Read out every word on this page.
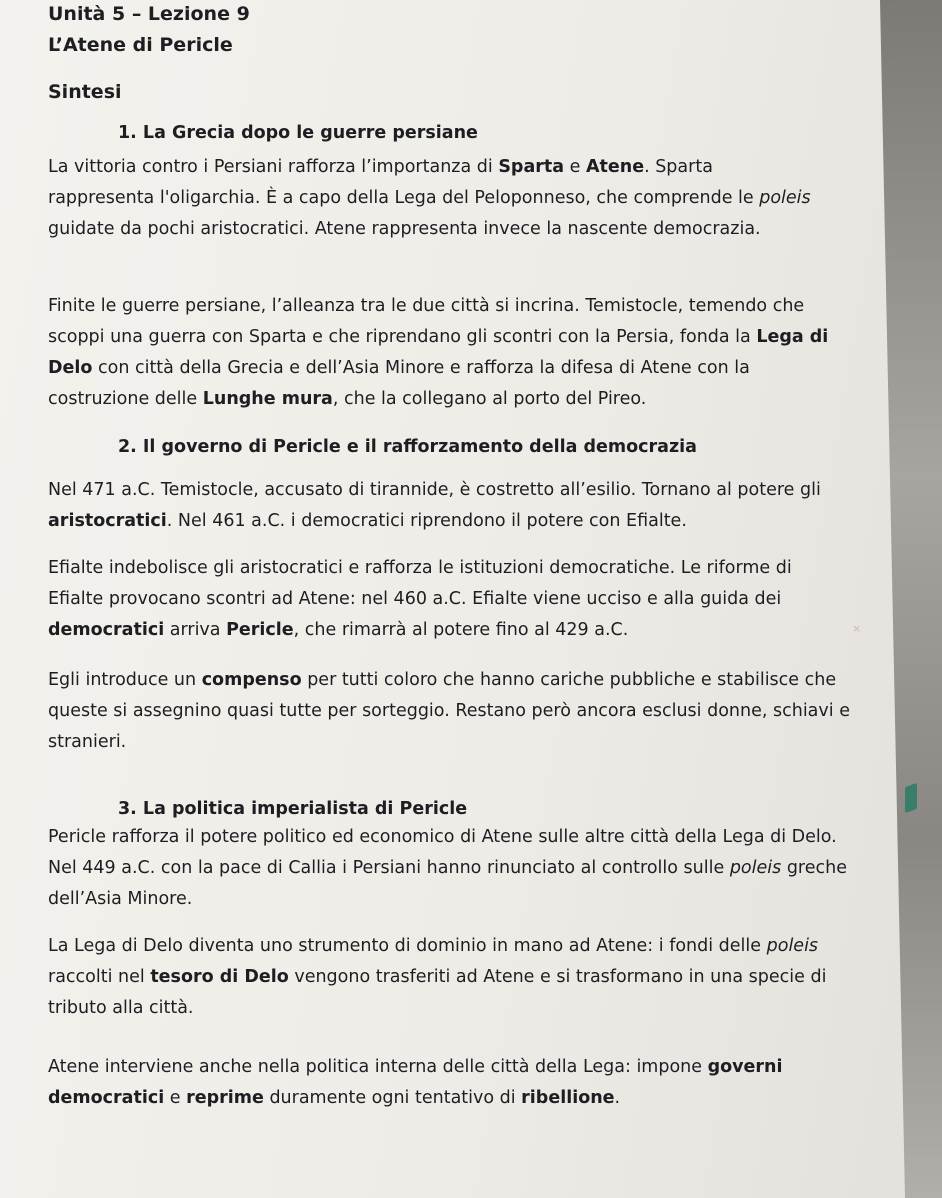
Unità 5 – Lezione 9
L’Atene di Pericle
Sintesi
1. La Grecia dopo le guerre persiane
La vittoria contro i Persiani rafforza l’importanza di Sparta e Atene. Sparta rappresenta l'oligarchia. È a capo della Lega del Peloponneso, che comprende le poleis guidate da pochi aristocratici. Atene rappresenta invece la nascente democrazia.
Finite le guerre persiane, l’alleanza tra le due città si incrina. Temistocle, temendo che scoppi una guerra con Sparta e che riprendano gli scontri con la Persia, fonda la Lega di Delo con città della Grecia e dell’Asia Minore e rafforza la difesa di Atene con la costruzione delle Lunghe mura, che la collegano al porto del Pireo.
2. Il governo di Pericle e il rafforzamento della democrazia
Nel 471 a.C. Temistocle, accusato di tirannide, è costretto all’esilio. Tornano al potere gli aristocratici. Nel 461 a.C. i democratici riprendono il potere con Efialte.
Efialte indebolisce gli aristocratici e rafforza le istituzioni democratiche. Le riforme di Efialte provocano scontri ad Atene: nel 460 a.C. Efialte viene ucciso e alla guida dei democratici arriva Pericle, che rimarrà al potere fino al 429 a.C.
Egli introduce un compenso per tutti coloro che hanno cariche pubbliche e stabilisce che queste si assegnino quasi tutte per sorteggio. Restano però ancora esclusi donne, schiavi e stranieri.
3. La politica imperialista di Pericle
Pericle rafforza il potere politico ed economico di Atene sulle altre città della Lega di Delo. Nel 449 a.C. con la pace di Callia i Persiani hanno rinunciato al controllo sulle poleis greche dell’Asia Minore.
La Lega di Delo diventa uno strumento di dominio in mano ad Atene: i fondi delle poleis raccolti nel tesoro di Delo vengono trasferiti ad Atene e si trasformano in una specie di tributo alla città.
Atene interviene anche nella politica interna delle città della Lega: impone governi democratici e reprime duramente ogni tentativo di ribellione.
×
